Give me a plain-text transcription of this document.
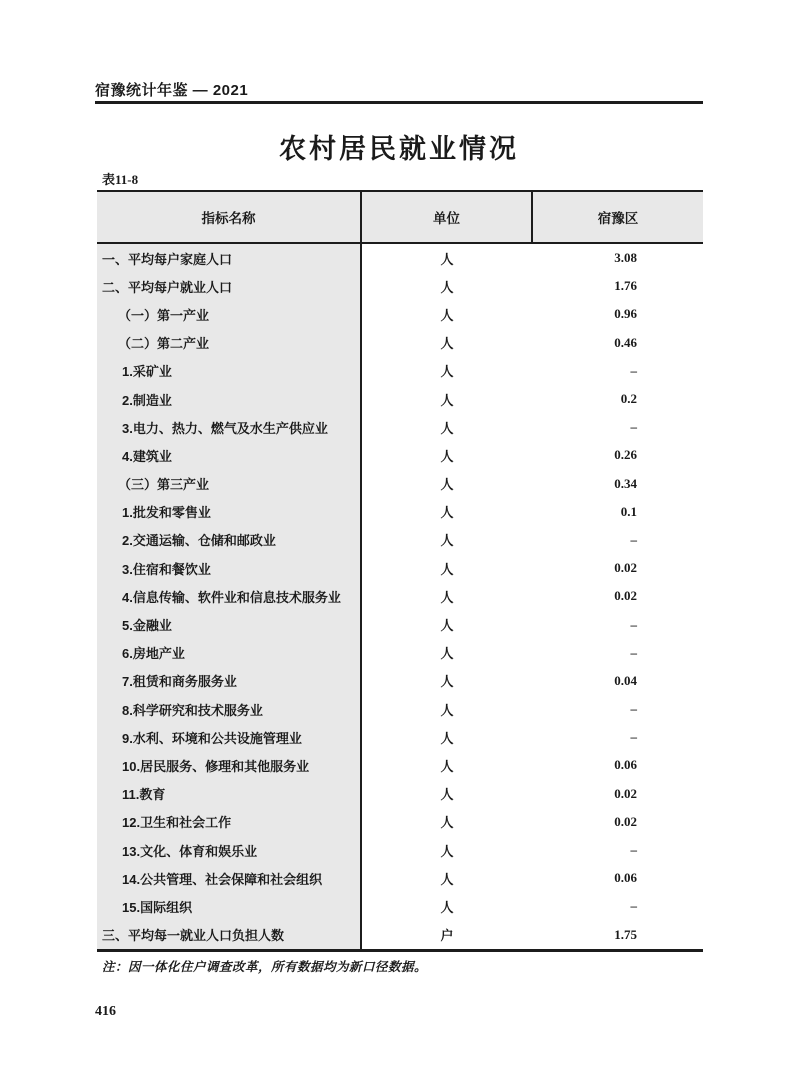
宿豫统计年鉴 — 2021
农村居民就业情况
表11-8
指标名称	单位	宿豫区
一、平均每户家庭人口	人	3.08
二、平均每户就业人口	人	1.76
（一）第一产业	人	0.96
（二）第二产业	人	0.46
1.采矿业	人	–
2.制造业	人	0.2
3.电力、热力、燃气及水生产供应业	人	–
4.建筑业	人	0.26
（三）第三产业	人	0.34
1.批发和零售业	人	0.1
2.交通运输、仓储和邮政业	人	–
3.住宿和餐饮业	人	0.02
4.信息传输、软件业和信息技术服务业	人	0.02
5.金融业	人	–
6.房地产业	人	–
7.租赁和商务服务业	人	0.04
8.科学研究和技术服务业	人	–
9.水利、环境和公共设施管理业	人	–
10.居民服务、修理和其他服务业	人	0.06
11.教育	人	0.02
12.卫生和社会工作	人	0.02
13.文化、体育和娱乐业	人	–
14.公共管理、社会保障和社会组织	人	0.06
15.国际组织	人	–
三、平均每一就业人口负担人数	户	1.75
注：因一体化住户调查改革，所有数据均为新口径数据。
416
